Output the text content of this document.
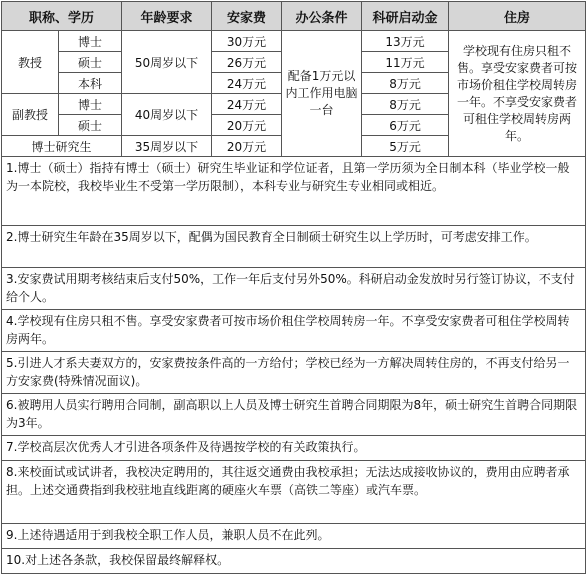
职称、学历		年龄要求	安家费	办公条件	科研启动金	住房
教授	博士	50周岁以下	30万元	配备1万元以内工作用电脑一台	13万元	学校现有住房只租不售。享受安家费者可按市场价租住学校周转房一年。不享受安家费者可租住学校周转房两年。
	硕士		26万元		11万元	
	本科		24万元		8万元	
副教授	博士	40周岁以下	24万元		8万元	
	硕士		20万元		6万元	
博士研究生		35周岁以下	20万元		5万元	

1.博士（硕士）指持有博士（硕士）研究生毕业证和学位证者，且第一学历须为全日制本科（毕业学校一般为一本院校，我校毕业生不受第一学历限制），本科专业与研究生专业相同或相近。						

2.博士研究生年龄在35周岁以下，配偶为国民教育全日制硕士研究生以上学历时，可考虑安排工作。						

3.安家费试用期考核结束后支付50%，工作一年后支付另外50%。科研启动金发放时另行签订协议，不支付给个人。						

4.学校现有住房只租不售。享受安家费者可按市场价租住学校周转房一年。不享受安家费者可租住学校周转房两年。						

5.引进人才系夫妻双方的，安家费按条件高的一方给付；学校已经为一方解决周转住房的，不再支付给另一方安家费(特殊情况面议)。						

6.被聘用人员实行聘用合同制，副高职以上人员及博士研究生首聘合同期限为8年，硕士研究生首聘合同期限为3年。						

7.学校高层次优秀人才引进各项条件及待遇按学校的有关政策执行。						

8.来校面试或试讲者，我校决定聘用的，其往返交通费由我校承担；无法达成接收协议的，费用由应聘者承担。上述交通费指到我校驻地直线距离的硬座火车票（高铁二等座）或汽车票。						

9.上述待遇适用于到我校全职工作人员，兼职人员不在此列。						

10.对上述各条款，我校保留最终解释权。						
